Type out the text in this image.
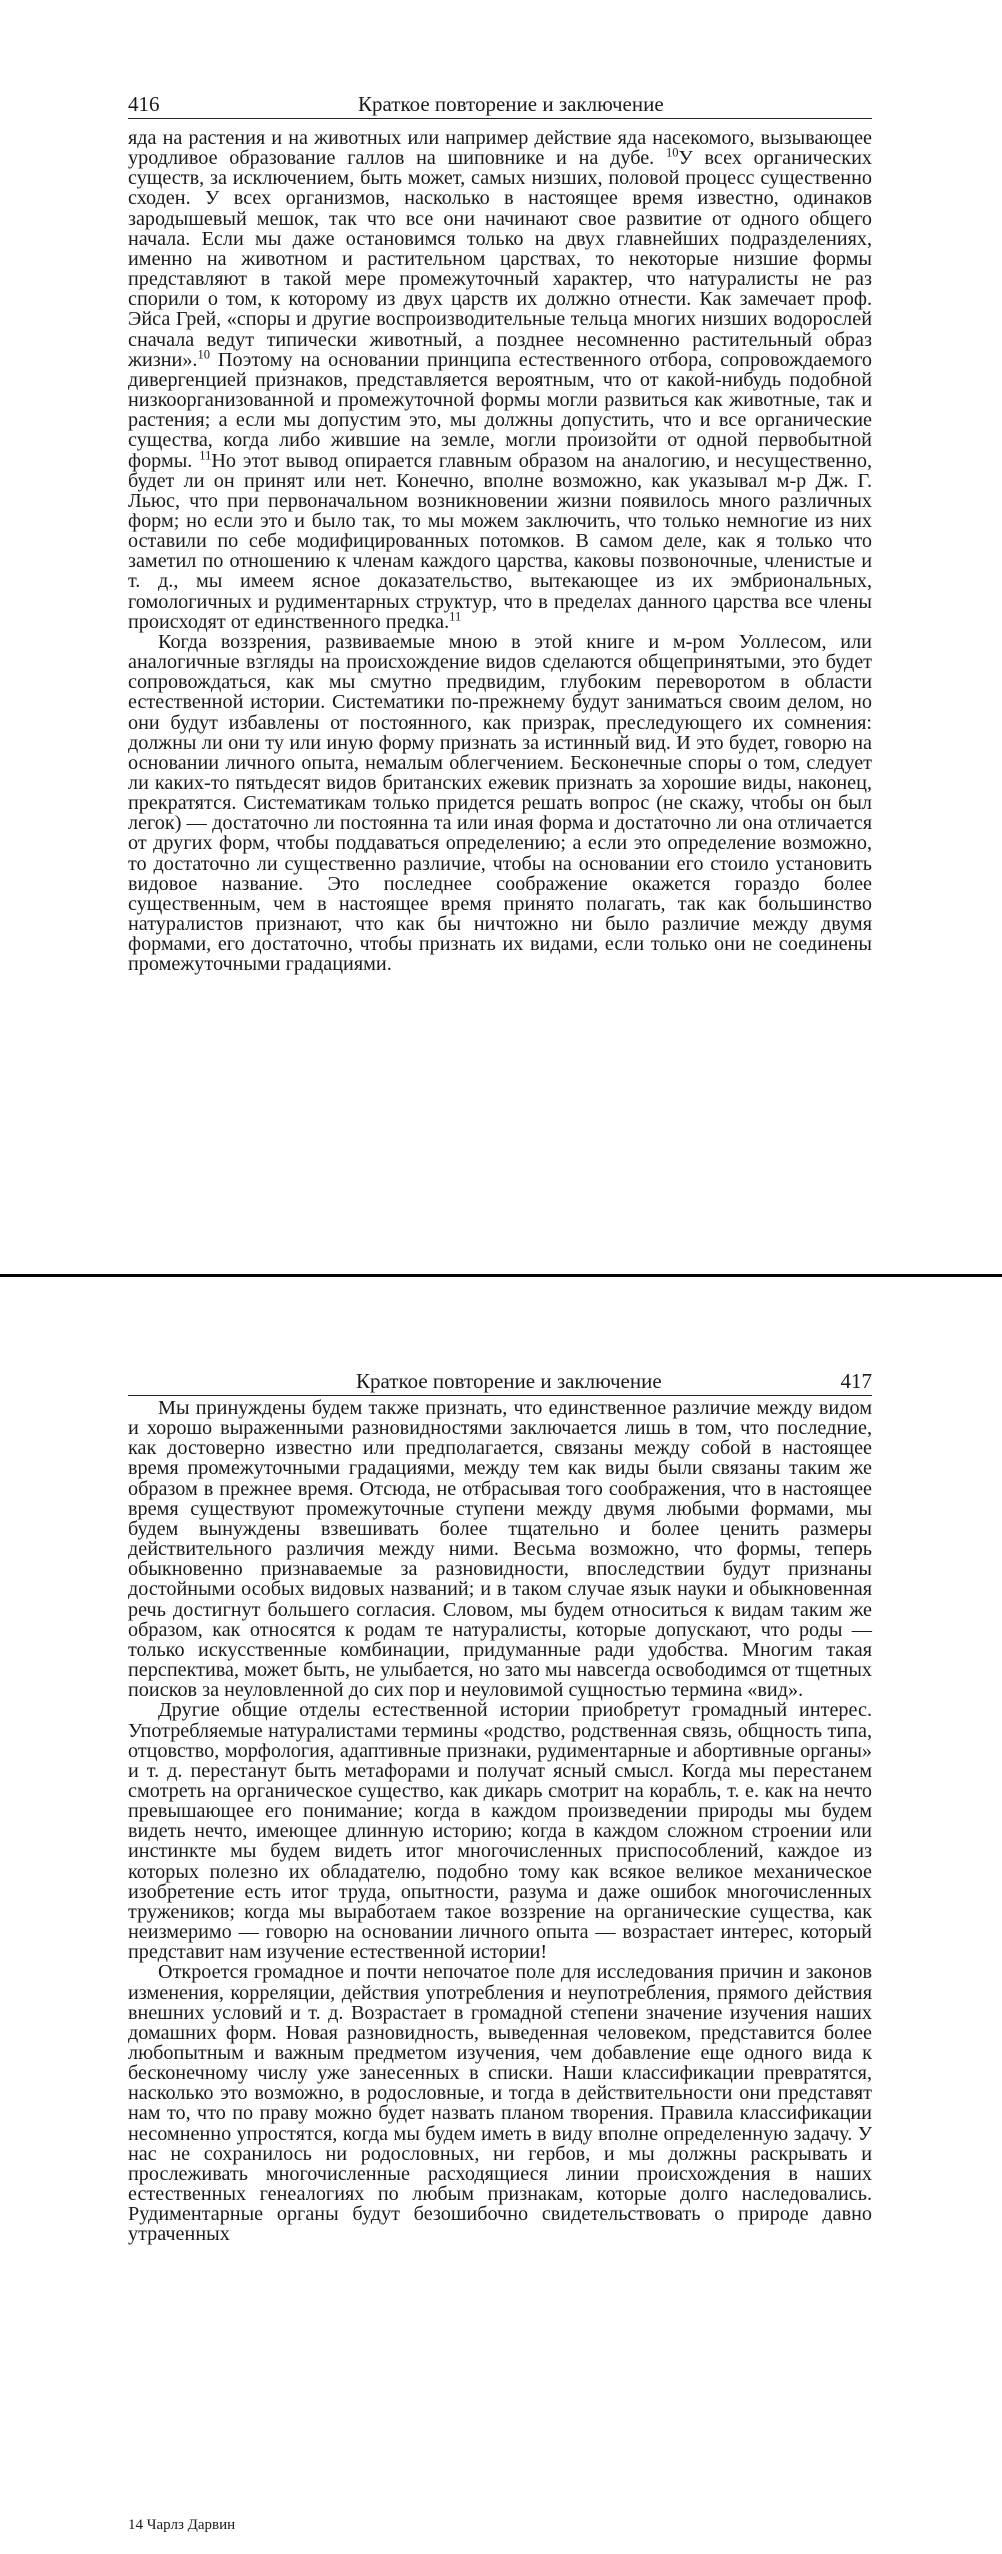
416	Краткое повторение и заключение

яда на растения и на животных или например действие яда насекомого, вызывающее уродливое образование галлов на шиповнике и на дубе. $^{10}$У всех органических существ, за исключением, быть может, самых низших, половой процесс существенно сходен. У всех организмов, насколько в настоящее время известно, одинаков зародышевый мешок, так что все они начинают свое развитие от одного общего начала. Если мы даже остановимся только на двух главнейших подразделениях, именно на животном и растительном царствах, то некоторые низшие формы представляют в такой мере промежуточный характер, что натуралисты не раз спорили о том, к которому из двух царств их должно отнести. Как замечает проф. Эйса Грей, «споры и другие воспроизводительные тельца многих низших водорослей сначала ведут типически животный, а позднее несомненно растительный образ жизни».$^{10}$ Поэтому на основании принципа естественного отбора, сопровождаемого дивергенцией признаков, представляется вероятным, что от какой-нибудь подобной низкоорганизованной и промежуточной формы могли развиться как животные, так и растения; а если мы допустим это, мы должны допустить, что и все органические существа, когда либо жившие на земле, могли произойти от одной первобытной формы. $^{11}$Но этот вывод опирается главным образом на аналогию, и несущественно, будет ли он принят или нет. Конечно, вполне возможно, как указывал м-р Дж. Г. Льюс, что при первоначальном возникновении жизни появилось много различных форм; но если это и было так, то мы можем заключить, что только немногие из них оставили по себе модифицированных потомков. В самом деле, как я только что заметил по отношению к членам каждого царства, каковы позвоночные, членистые и т. д., мы имеем ясное доказательство, вытекающее из их эмбриональных, гомологичных и рудиментарных структур, что в пределах данного царства все члены происходят от единственного предка.$^{11}$

Когда воззрения, развиваемые мною в этой книге и м-ром Уоллесом, или аналогичные взгляды на происхождение видов сделаются общепринятыми, это будет сопровождаться, как мы смутно предвидим, глубоким переворотом в области естественной истории. Систематики по-прежнему будут заниматься своим делом, но они будут избавлены от постоянного, как призрак, преследующего их сомнения: должны ли они ту или иную форму признать за истинный вид. И это будет, говорю на основании личного опыта, немалым облегчением. Бесконечные споры о том, следует ли каких-то пятьдесят видов британских ежевик признать за хорошие виды, наконец, прекратятся. Систематикам только придется решать вопрос (не скажу, чтобы он был легок) — достаточно ли постоянна та или иная форма и достаточно ли она отличается от других форм, чтобы поддаваться определению; а если это определение возможно, то достаточно ли существенно различие, чтобы на основании его стоило установить видовое название. Это последнее соображение окажется гораздо более существенным, чем в настоящее время принято полагать, так как большинство натуралистов признают, что как бы ничтожно ни было различие между двумя формами, его достаточно, чтобы признать их видами, если только они не соединены промежуточными градациями.

Краткое повторение и заключение	417

Мы принуждены будем также признать, что единственное различие между видом и хорошо выраженными разновидностями заключается лишь в том, что последние, как достоверно известно или предполагается, связаны между собой в настоящее время промежуточными градациями, между тем как виды были связаны таким же образом в прежнее время. Отсюда, не отбрасывая того соображения, что в настоящее время существуют промежуточные ступени между двумя любыми формами, мы будем вынуждены взвешивать более тщательно и более ценить размеры действительного различия между ними. Весьма возможно, что формы, теперь обыкновенно признаваемые за разновидности, впоследствии будут признаны достойными особых видовых названий; и в таком случае язык науки и обыкновенная речь достигнут большего согласия. Словом, мы будем относиться к видам таким же образом, как относятся к родам те натуралисты, которые допускают, что роды — только искусственные комбинации, придуманные ради удобства. Многим такая перспектива, может быть, не улыбается, но зато мы навсегда освободимся от тщетных поисков за неуловленной до сих пор и неуловимой сущностью термина «вид».

Другие общие отделы естественной истории приобретут громадный интерес. Употребляемые натуралистами термины «родство, родственная связь, общность типа, отцовство, морфология, адаптивные признаки, рудиментарные и абортивные органы» и т. д. перестанут быть метафорами и получат ясный смысл. Когда мы перестанем смотреть на органическое существо, как дикарь смотрит на корабль, т. е. как на нечто превышающее его понимание; когда в каждом произведении природы мы будем видеть нечто, имеющее длинную историю; когда в каждом сложном строении или инстинкте мы будем видеть итог многочисленных приспособлений, каждое из которых полезно их обладателю, подобно тому как всякое великое механическое изобретение есть итог труда, опытности, разума и даже ошибок многочисленных тружеников; когда мы выработаем такое воззрение на органические существа, как неизмеримо — говорю на основании личного опыта — возрастает интерес, который представит нам изучение естественной истории!

Откроется громадное и почти непочатое поле для исследования причин и законов изменения, корреляции, действия употребления и неупотребления, прямого действия внешних условий и т. д. Возрастает в громадной степени значение изучения наших домашних форм. Новая разновидность, выведенная человеком, представится более любопытным и важным предметом изучения, чем добавление еще одного вида к бесконечному числу уже занесенных в списки. Наши классификации превратятся, насколько это возможно, в родословные, и тогда в действительности они представят нам то, что по праву можно будет назвать планом творения. Правила классификации несомненно упростятся, когда мы будем иметь в виду вполне определенную задачу. У нас не сохранилось ни родословных, ни гербов, и мы должны раскрывать и прослеживать многочисленные расходящиеся линии происхождения в наших естественных генеалогиях по любым признакам, которые долго наследовались. Рудиментарные органы будут безошибочно свидетельствовать о природе давно утраченных

14 Чарлз Дарвин
